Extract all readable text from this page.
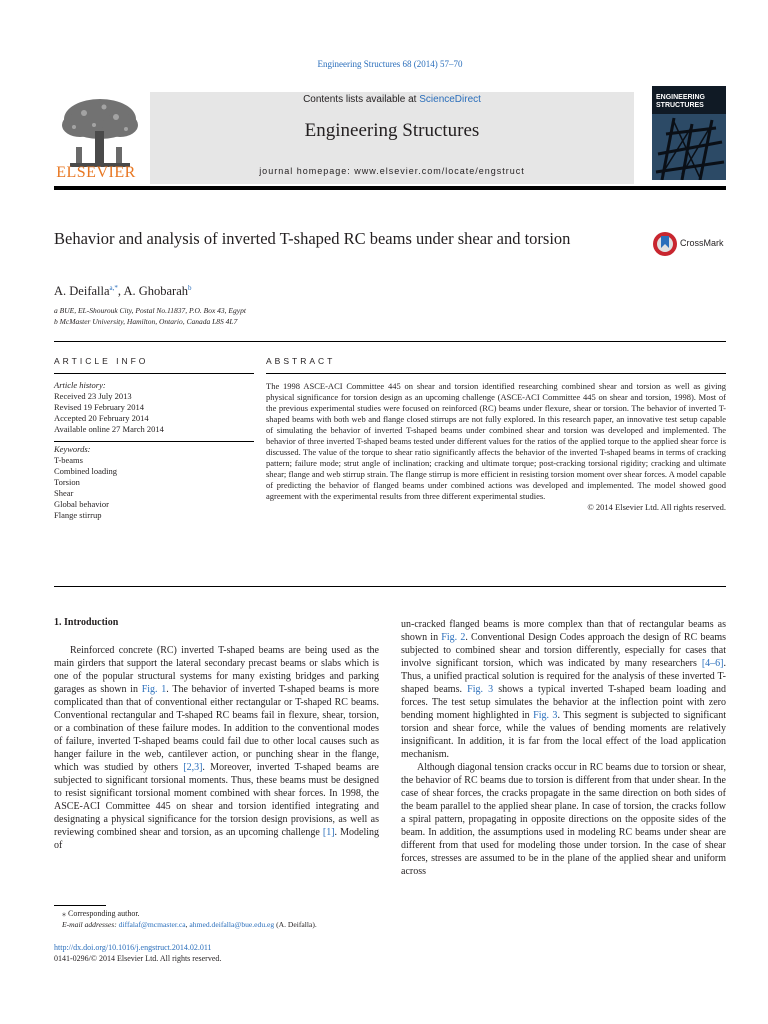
Engineering Structures 68 (2014) 57–70
ELSEVIER
Contents lists available at ScienceDirect
Engineering Structures
journal homepage: www.elsevier.com/locate/engstruct
ENGINEERING
STRUCTURES
Behavior and analysis of inverted T-shaped RC beams under shear and torsion	CrossMark
A. Deifalla$^{a,*}$, A. Ghobarah$^b$
a BUE, EL-Shourouk City, Postal No.11837, P.O. Box 43, Egypt
b McMaster University, Hamilton, Ontario, Canada L8S 4L7
ARTICLE INFO	ABSTRACT
Article history:
Received 23 July 2013
Revised 19 February 2014
Accepted 20 February 2014
Available online 27 March 2014
Keywords:
T-beams
Combined loading
Torsion
Shear
Global behavior
Flange stirrup
The 1998 ASCE-ACI Committee 445 on shear and torsion identified researching combined shear and torsion as well as giving physical significance for torsion design as an upcoming challenge (ASCE-ACI Committee 445 on shear and torsion, 1998). Most of the previous experimental studies were focused on reinforced (RC) beams under flexure, shear or torsion. The behavior of inverted T-shaped beams with both web and flange closed stirrups are not fully explored. In this research paper, an innovative test setup capable of simulating the behavior of inverted T-shaped beams under combined shear and torsion was developed and implemented. The behavior of three inverted T-shaped beams tested under different values for the ratios of the applied torque to the applied shear force is discussed. The value of the torque to shear ratio significantly affects the behavior of the inverted T-shaped beams in terms of cracking pattern; failure mode; strut angle of inclination; cracking and ultimate torque; post-cracking torsional rigidity; cracking and ultimate shear; flange and web stirrup strain. The flange stirrup is more efficient in resisting torsion moment over shear forces. A model capable of predicting the behavior of flanged beams under combined actions was developed and implemented. The model showed good agreement with the experimental results from three different experimental studies.
© 2014 Elsevier Ltd. All rights reserved.
1. Introduction

Reinforced concrete (RC) inverted T-shaped beams are being used as the main girders that support the lateral secondary precast beams or slabs which is one of the popular structural systems for many existing bridges and parking garages as shown in Fig. 1. The behavior of inverted T-shaped beams is more complicated than that of conventional either rectangular or T-shaped RC beams. Conventional rectangular and T-shaped RC beams fail in flexure, shear, torsion, or a combination of these failure modes. In addition to the conventional modes of failure, inverted T-shaped beams could fail due to other local causes such as hanger failure in the web, cantilever action, or punching shear in the flange, which was studied by others [2,3]. Moreover, inverted T-shaped beams are subjected to significant torsional moments. Thus, these beams must be designed to resist significant torsional moment combined with shear forces. In 1998, the ASCE-ACI Committee 445 on shear and torsion identified integrating and designating a physical significance for the torsion design provisions, as well as reviewing combined shear and torsion, as an upcoming challenge [1]. Modeling of

un-cracked flanged beams is more complex than that of rectangular beams as shown in Fig. 2. Conventional Design Codes approach the design of RC beams subjected to combined shear and torsion differently, especially for cases that involve significant torsion, which was indicated by many researchers [4–6]. Thus, a unified practical solution is required for the analysis of these inverted T-shaped beams. Fig. 3 shows a typical inverted T-shaped beam loading and forces. The test setup simulates the behavior at the inflection point with zero bending moment highlighted in Fig. 3. This segment is subjected to significant torsion and shear force, while the values of bending moments are relatively insignificant. In addition, it is far from the local effect of the load application mechanism.

Although diagonal tension cracks occur in RC beams due to torsion or shear, the behavior of RC beams due to torsion is different from that under shear. In the case of shear forces, the cracks propagate in the same direction on both sides of the beam parallel to the applied shear plane. In case of torsion, the cracks follow a spiral pattern, propagating in opposite directions on the opposite sides of the beam. In addition, the assumptions used in modeling RC beams under shear are different from that used for modeling those under torsion. In the case of shear forces, stresses are assumed to be in the plane of the applied shear and uniform across

⁎ Corresponding author.
E-mail addresses: diffalaf@mcmaster.ca, ahmed.deifalla@bue.edu.eg (A. Deifalla).
http://dx.doi.org/10.1016/j.engstruct.2014.02.011
0141-0296/© 2014 Elsevier Ltd. All rights reserved.
